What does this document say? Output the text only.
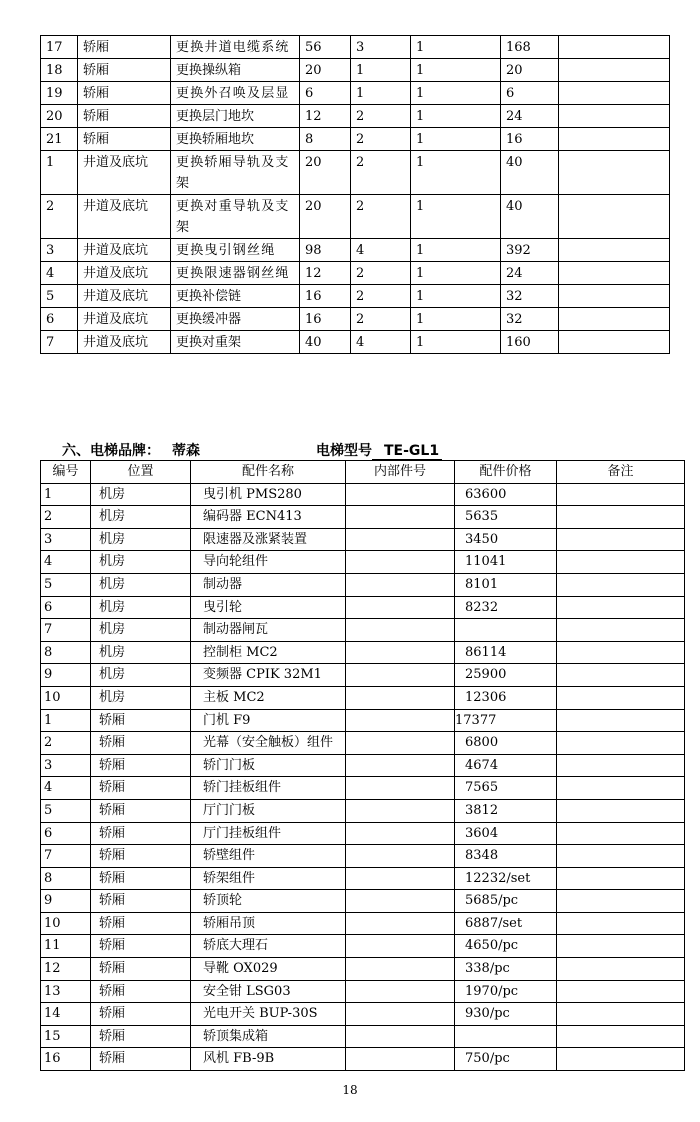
17	轿厢	更换井道电缆系统	56	3	1	168	
18	轿厢	更换操纵箱	20	1	1	20	
19	轿厢	更换外召唤及层显	6	1	1	6	
20	轿厢	更换层门地坎	12	2	1	24	
21	轿厢	更换轿厢地坎	8	2	1	16	
1	井道及底坑	更换轿厢导轨及支架	20	2	1	40	
2	井道及底坑	更换对重导轨及支架	20	2	1	40	
3	井道及底坑	更换曳引钢丝绳	98	4	1	392	
4	井道及底坑	更换限速器钢丝绳	12	2	1	24	
5	井道及底坑	更换补偿链	16	2	1	32	
6	井道及底坑	更换缓冲器	16	2	1	32	
7	井道及底坑	更换对重架	40	4	1	160	
六、电梯品牌： 蒂森	电梯型号 TE-GL1
编号	位置	配件名称	内部件号	配件价格	备注
1	机房	曳引机 PMS280		63600	
2	机房	编码器 ECN413		5635	
3	机房	限速器及涨紧装置		3450	
4	机房	导向轮组件		11041	
5	机房	制动器		8101	
6	机房	曳引轮		8232	
7	机房	制动器闸瓦			
8	机房	控制柜 MC2		86114	
9	机房	变频器 CPIK 32M1		25900	
10	机房	主板 MC2		12306	
1	轿厢	门机 F9		17377	
2	轿厢	光幕（安全触板）组件		6800	
3	轿厢	轿门门板		4674	
4	轿厢	轿门挂板组件		7565	
5	轿厢	厅门门板		3812	
6	轿厢	厅门挂板组件		3604	
7	轿厢	轿壁组件		8348	
8	轿厢	轿架组件		12232/set	
9	轿厢	轿顶轮		5685/pc	
10	轿厢	轿厢吊顶		6887/set	
11	轿厢	轿底大理石		4650/pc	
12	轿厢	导靴 OX029		338/pc	
13	轿厢	安全钳 LSG03		1970/pc	
14	轿厢	光电开关 BUP-30S		930/pc	
15	轿厢	轿顶集成箱			
16	轿厢	风机 FB-9B		750/pc	
18
